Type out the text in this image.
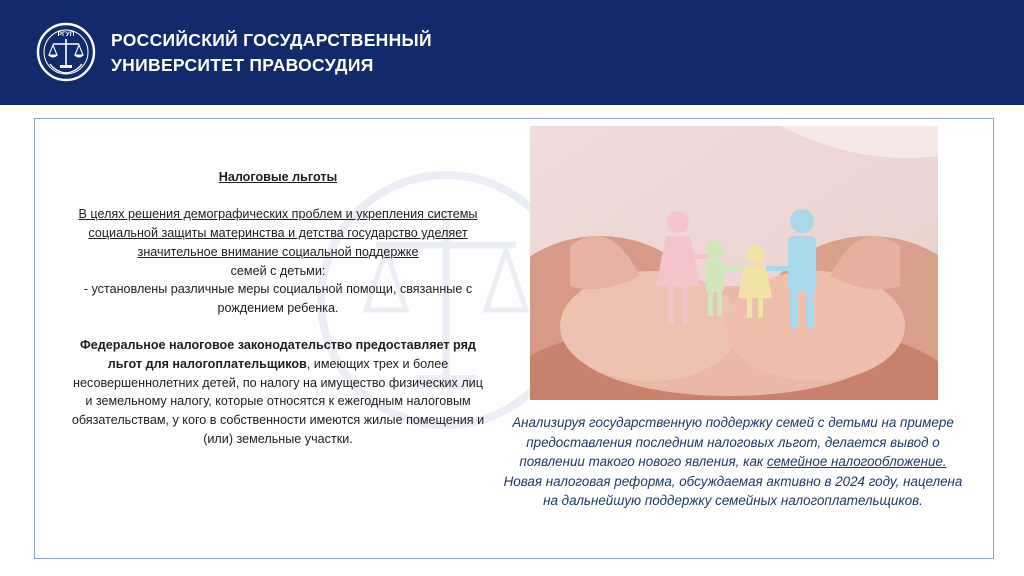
РГУП РОССИЙСКИЙ ГОСУДАРСТВЕННЫЙ
УНИВЕРСИТЕТ ПРАВОСУДИЯ

Налоговые льготы

В целях решения демографических проблем и укрепления системы социальной защиты материнства и детства государство уделяет значительное внимание социальной поддержке

семей с детьми:

- установлены различные меры социальной помощи, связанные с рождением ребенка.

Федеральное налоговое законодательство предоставляет ряд льгот для налогоплательщиков, имеющих трех и более несовершеннолетних детей, по налогу на имущество физических лиц и земельному налогу, которые относятся к ежегодным налоговым обязательствам, у кого в собственности имеются жилые помещения и (или) земельные участки.

Анализируя государственную поддержку семей с детьми на примере предоставления последним налоговых льгот, делается вывод о появлении такого нового явления, как семейное налогообложение. Новая налоговая реформа, обсуждаемая активно в 2024 году, нацелена на дальнейшую поддержку семейных налогоплательщиков.
